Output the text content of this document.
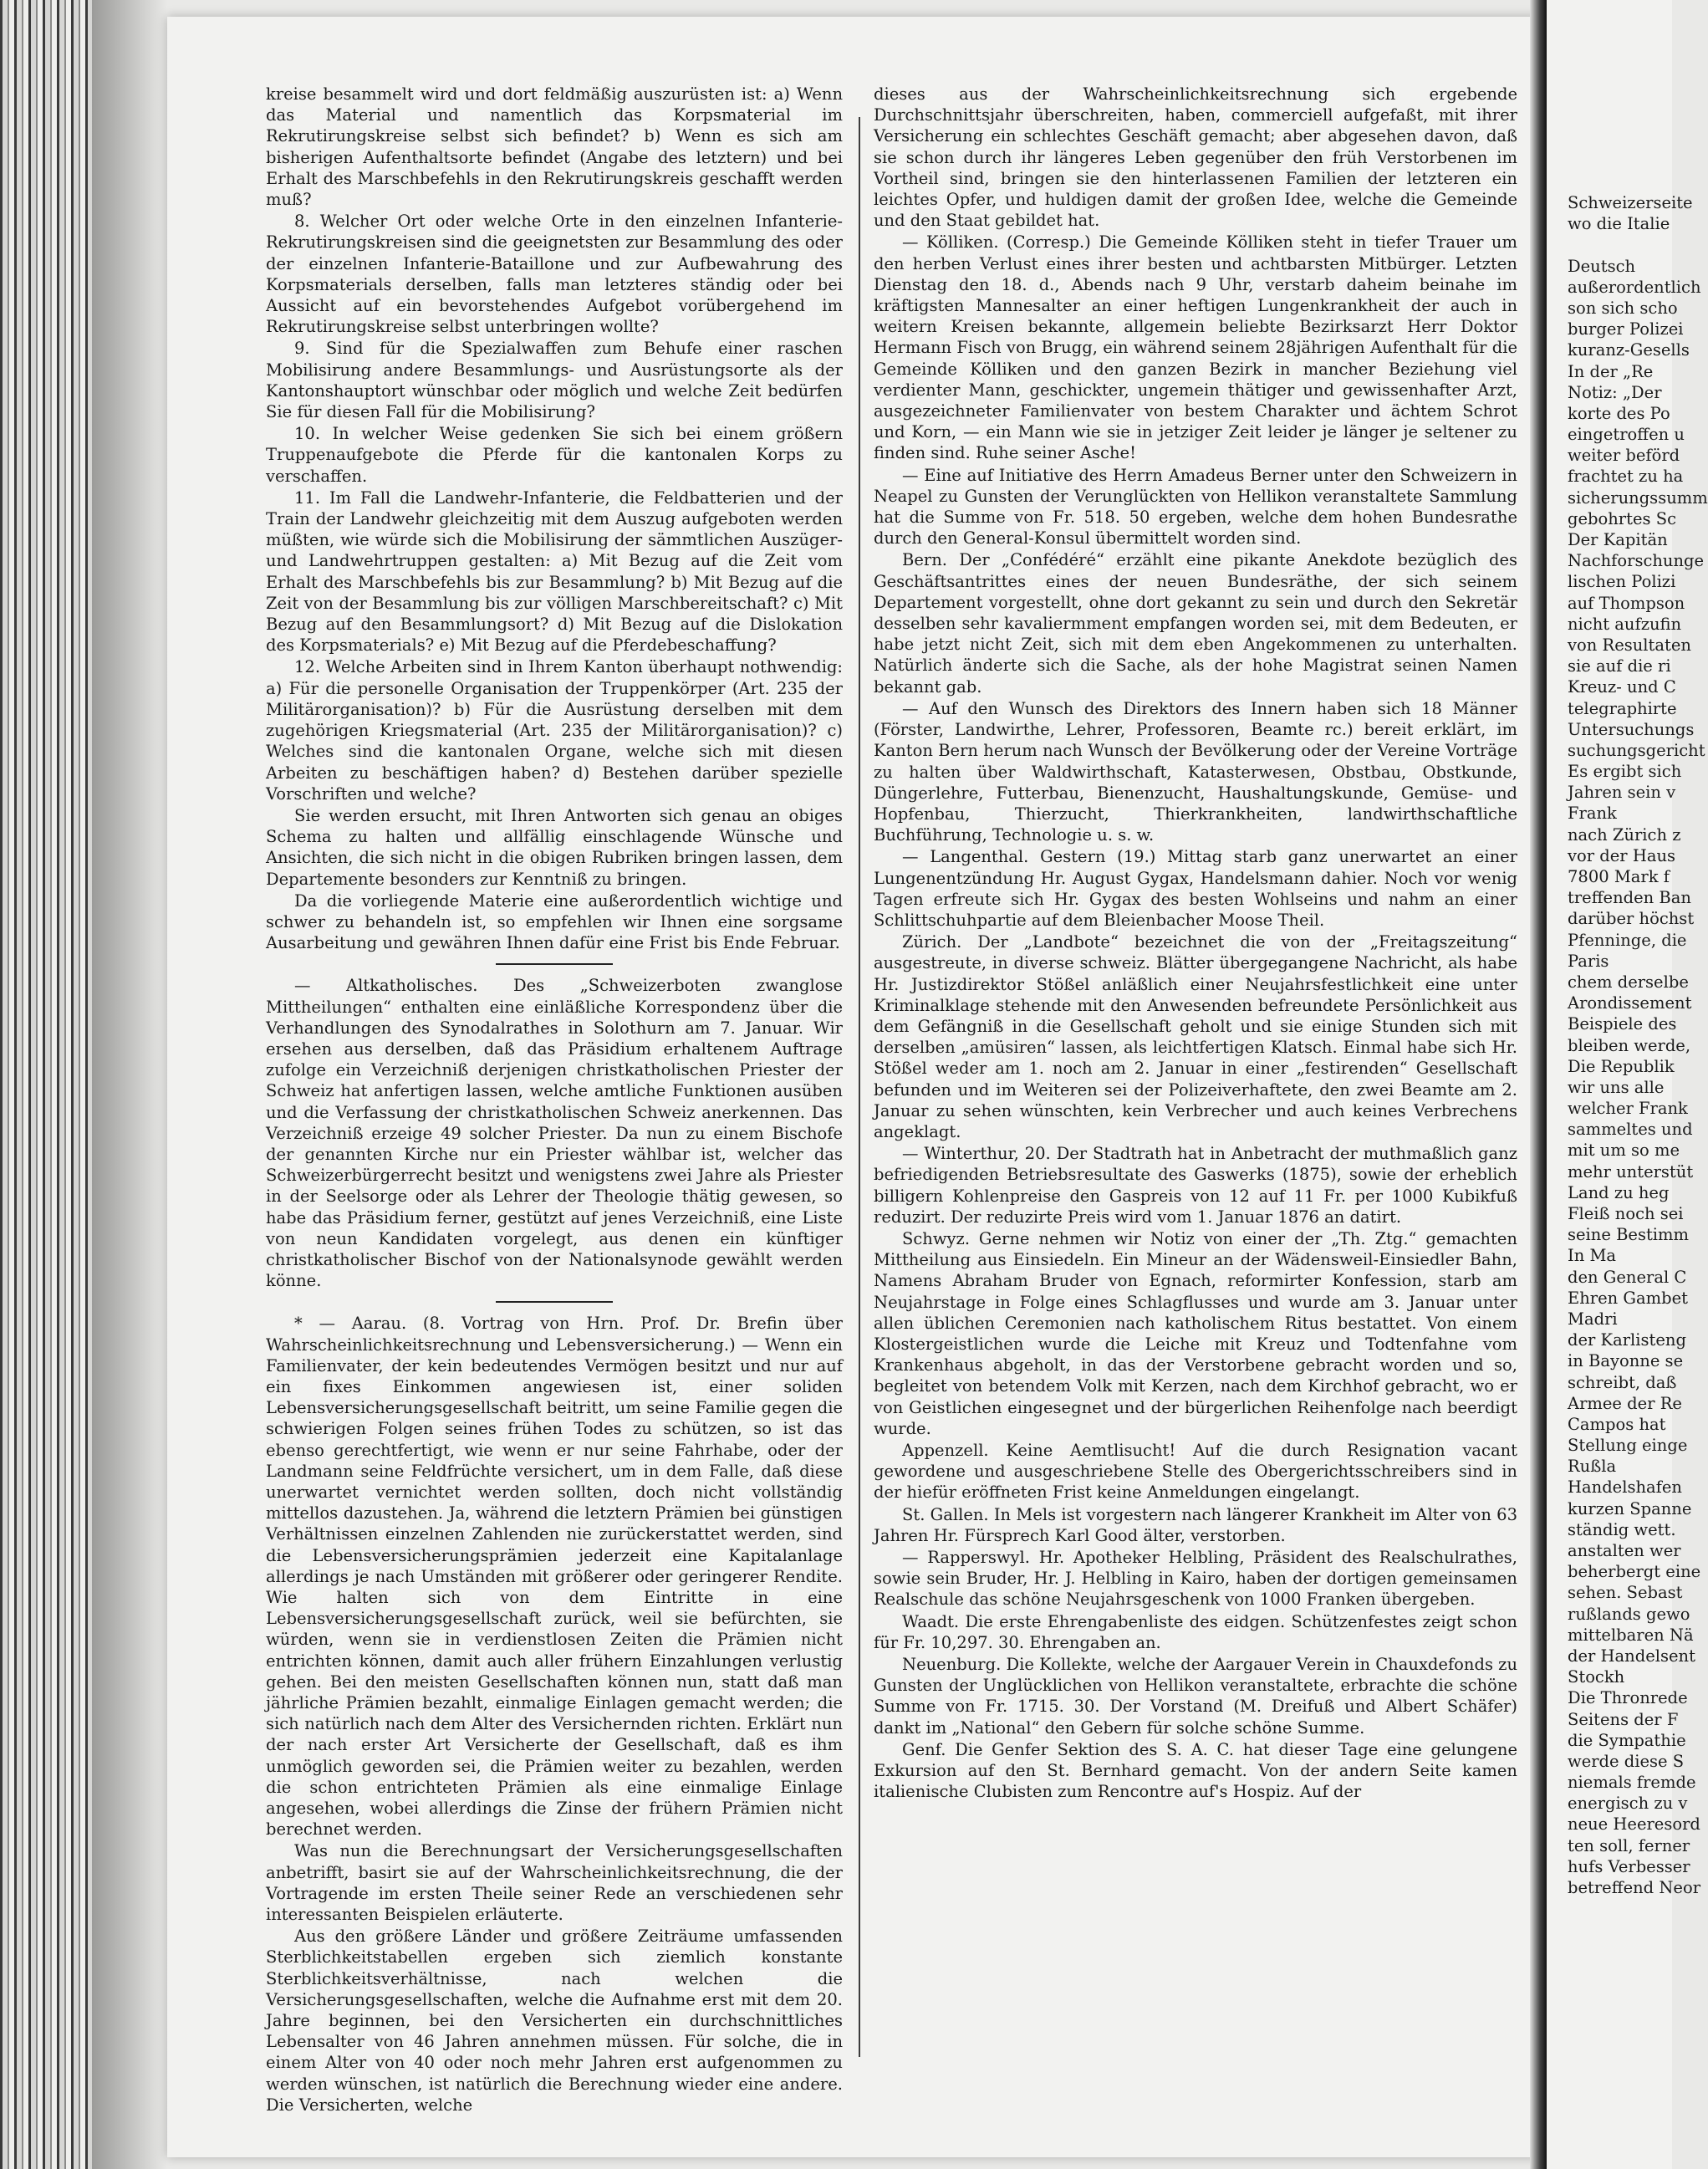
kreise besammelt wird und dort feldmäßig auszurüsten ist: a) Wenn das Material und namentlich das Korpsmaterial im Rekrutirungskreise selbst sich befindet? b) Wenn es sich am bisherigen Aufenthaltsorte befindet (Angabe des letztern) und bei Erhalt des Marschbefehls in den Rekrutirungskreis geschafft werden muß?

8. Welcher Ort oder welche Orte in den einzelnen Infanterie-Rekrutirungskreisen sind die geeignetsten zur Besammlung des oder der einzelnen Infanterie-Bataillone und zur Aufbewahrung des Korpsmaterials derselben, falls man letzteres ständig oder bei Aussicht auf ein bevorstehendes Aufgebot vorübergehend im Rekrutirungskreise selbst unterbringen wollte?

9. Sind für die Spezialwaffen zum Behufe einer raschen Mobilisirung andere Besammlungs- und Ausrüstungsorte als der Kantonshauptort wünschbar oder möglich und welche Zeit bedürfen Sie für diesen Fall für die Mobilisirung?

10. In welcher Weise gedenken Sie sich bei einem größern Truppenaufgebote die Pferde für die kantonalen Korps zu verschaffen.

11. Im Fall die Landwehr-Infanterie, die Feldbatterien und der Train der Landwehr gleichzeitig mit dem Auszug aufgeboten werden müßten, wie würde sich die Mobilisirung der sämmtlichen Auszüger- und Landwehrtruppen gestalten: a) Mit Bezug auf die Zeit vom Erhalt des Marschbefehls bis zur Besammlung? b) Mit Bezug auf die Zeit von der Besammlung bis zur völligen Marschbereitschaft? c) Mit Bezug auf den Besammlungsort? d) Mit Bezug auf die Dislokation des Korpsmaterials? e) Mit Bezug auf die Pferdebeschaffung?

12. Welche Arbeiten sind in Ihrem Kanton überhaupt nothwendig: a) Für die personelle Organisation der Truppenkörper (Art. 235 der Militärorganisation)? b) Für die Ausrüstung derselben mit dem zugehörigen Kriegsmaterial (Art. 235 der Militärorganisation)? c) Welches sind die kantonalen Organe, welche sich mit diesen Arbeiten zu beschäftigen haben? d) Bestehen darüber spezielle Vorschriften und welche?

Sie werden ersucht, mit Ihren Antworten sich genau an obiges Schema zu halten und allfällig einschlagende Wünsche und Ansichten, die sich nicht in die obigen Rubriken bringen lassen, dem Departemente besonders zur Kenntniß zu bringen.

Da die vorliegende Materie eine außerordentlich wichtige und schwer zu behandeln ist, so empfehlen wir Ihnen eine sorgsame Ausarbeitung und gewähren Ihnen dafür eine Frist bis Ende Februar.

— Altkatholisches. Des „Schweizerboten zwanglose Mittheilungen“ enthalten eine einläßliche Korrespondenz über die Verhandlungen des Synodalrathes in Solothurn am 7. Januar. Wir ersehen aus derselben, daß das Präsidium erhaltenem Auftrage zufolge ein Verzeichniß derjenigen christkatholischen Priester der Schweiz hat anfertigen lassen, welche amtliche Funktionen ausüben und die Verfassung der christkatholischen Schweiz anerkennen. Das Verzeichniß erzeige 49 solcher Priester. Da nun zu einem Bischofe der genannten Kirche nur ein Priester wählbar ist, welcher das Schweizerbürgerrecht besitzt und wenigstens zwei Jahre als Priester in der Seelsorge oder als Lehrer der Theologie thätig gewesen, so habe das Präsidium ferner, gestützt auf jenes Verzeichniß, eine Liste von neun Kandidaten vorgelegt, aus denen ein künftiger christkatholischer Bischof von der Nationalsynode gewählt werden könne.

* — Aarau. (8. Vortrag von Hrn. Prof. Dr. Brefin über Wahrscheinlichkeitsrechnung und Lebensversicherung.) — Wenn ein Familienvater, der kein bedeutendes Vermögen besitzt und nur auf ein fixes Einkommen angewiesen ist, einer soliden Lebensversicherungsgesellschaft beitritt, um seine Familie gegen die schwierigen Folgen seines frühen Todes zu schützen, so ist das ebenso gerechtfertigt, wie wenn er nur seine Fahrhabe, oder der Landmann seine Feldfrüchte versichert, um in dem Falle, daß diese unerwartet vernichtet werden sollten, doch nicht vollständig mittellos dazustehen. Ja, während die letztern Prämien bei günstigen Verhältnissen einzelnen Zahlenden nie zurückerstattet werden, sind die Lebensversicherungsprämien jederzeit eine Kapitalanlage allerdings je nach Umständen mit größerer oder geringerer Rendite. Wie halten sich von dem Eintritte in eine Lebensversicherungsgesellschaft zurück, weil sie befürchten, sie würden, wenn sie in verdienstlosen Zeiten die Prämien nicht entrichten können, damit auch aller frühern Einzahlungen verlustig gehen. Bei den meisten Gesellschaften können nun, statt daß man jährliche Prämien bezahlt, einmalige Einlagen gemacht werden; die sich natürlich nach dem Alter des Versichernden richten. Erklärt nun der nach erster Art Versicherte der Gesellschaft, daß es ihm unmöglich geworden sei, die Prämien weiter zu bezahlen, werden die schon entrichteten Prämien als eine einmalige Einlage angesehen, wobei allerdings die Zinse der frühern Prämien nicht berechnet werden.

Was nun die Berechnungsart der Versicherungsgesellschaften anbetrifft, basirt sie auf der Wahrscheinlichkeitsrechnung, die der Vortragende im ersten Theile seiner Rede an verschiedenen sehr interessanten Beispielen erläuterte.

Aus den größere Länder und größere Zeiträume umfassenden Sterblichkeitstabellen ergeben sich ziemlich konstante Sterblichkeitsverhältnisse, nach welchen die Versicherungsgesellschaften, welche die Aufnahme erst mit dem 20. Jahre beginnen, bei den Versicherten ein durchschnittliches Lebensalter von 46 Jahren annehmen müssen. Für solche, die in einem Alter von 40 oder noch mehr Jahren erst aufgenommen zu werden wünschen, ist natürlich die Berechnung wieder eine andere. Die Versicherten, welche

dieses aus der Wahrscheinlichkeitsrechnung sich ergebende Durchschnittsjahr überschreiten, haben, commerciell aufgefaßt, mit ihrer Versicherung ein schlechtes Geschäft gemacht; aber abgesehen davon, daß sie schon durch ihr längeres Leben gegenüber den früh Verstorbenen im Vortheil sind, bringen sie den hinterlassenen Familien der letzteren ein leichtes Opfer, und huldigen damit der großen Idee, welche die Gemeinde und den Staat gebildet hat.

— Kölliken. (Corresp.) Die Gemeinde Kölliken steht in tiefer Trauer um den herben Verlust eines ihrer besten und achtbarsten Mitbürger. Letzten Dienstag den 18. d., Abends nach 9 Uhr, verstarb daheim beinahe im kräftigsten Mannesalter an einer heftigen Lungenkrankheit der auch in weitern Kreisen bekannte, allgemein beliebte Bezirksarzt Herr Doktor Hermann Fisch von Brugg, ein während seinem 28jährigen Aufenthalt für die Gemeinde Kölliken und den ganzen Bezirk in mancher Beziehung viel verdienter Mann, geschickter, ungemein thätiger und gewissenhafter Arzt, ausgezeichneter Familienvater von bestem Charakter und ächtem Schrot und Korn, — ein Mann wie sie in jetziger Zeit leider je länger je seltener zu finden sind. Ruhe seiner Asche!

— Eine auf Initiative des Herrn Amadeus Berner unter den Schweizern in Neapel zu Gunsten der Verunglückten von Hellikon veranstaltete Sammlung hat die Summe von Fr. 518. 50 ergeben, welche dem hohen Bundesrathe durch den General-Konsul übermittelt worden sind.

Bern. Der „Confédéré“ erzählt eine pikante Anekdote bezüglich des Geschäftsantrittes eines der neuen Bundesräthe, der sich seinem Departement vorgestellt, ohne dort gekannt zu sein und durch den Sekretär desselben sehr kavaliermment empfangen worden sei, mit dem Bedeuten, er habe jetzt nicht Zeit, sich mit dem eben Angekommenen zu unterhalten. Natürlich änderte sich die Sache, als der hohe Magistrat seinen Namen bekannt gab.

— Auf den Wunsch des Direktors des Innern haben sich 18 Männer (Förster, Landwirthe, Lehrer, Professoren, Beamte rc.) bereit erklärt, im Kanton Bern herum nach Wunsch der Bevölkerung oder der Vereine Vorträge zu halten über Waldwirthschaft, Katasterwesen, Obstbau, Obstkunde, Düngerlehre, Futterbau, Bienenzucht, Haushaltungskunde, Gemüse- und Hopfenbau, Thierzucht, Thierkrankheiten, landwirthschaftliche Buchführung, Technologie u. s. w.

— Langenthal. Gestern (19.) Mittag starb ganz unerwartet an einer Lungenentzündung Hr. August Gygax, Handelsmann dahier. Noch vor wenig Tagen erfreute sich Hr. Gygax des besten Wohlseins und nahm an einer Schlittschuhpartie auf dem Bleienbacher Moose Theil.

Zürich. Der „Landbote“ bezeichnet die von der „Freitagszeitung“ ausgestreute, in diverse schweiz. Blätter übergegangene Nachricht, als habe Hr. Justizdirektor Stößel anläßlich einer Neujahrsfestlichkeit eine unter Kriminalklage stehende mit den Anwesenden befreundete Persönlichkeit aus dem Gefängniß in die Gesellschaft geholt und sie einige Stunden sich mit derselben „amüsiren“ lassen, als leichtfertigen Klatsch. Einmal habe sich Hr. Stößel weder am 1. noch am 2. Januar in einer „festirenden“ Gesellschaft befunden und im Weiteren sei der Polizeiverhaftete, den zwei Beamte am 2. Januar zu sehen wünschten, kein Verbrecher und auch keines Verbrechens angeklagt.

— Winterthur, 20. Der Stadtrath hat in Anbetracht der muthmaßlich ganz befriedigenden Betriebsresultate des Gaswerks (1875), sowie der erheblich billigern Kohlenpreise den Gaspreis von 12 auf 11 Fr. per 1000 Kubikfuß reduzirt. Der reduzirte Preis wird vom 1. Januar 1876 an datirt.

Schwyz. Gerne nehmen wir Notiz von einer der „Th. Ztg.“ gemachten Mittheilung aus Einsiedeln. Ein Mineur an der Wädensweil-Einsiedler Bahn, Namens Abraham Bruder von Egnach, reformirter Konfession, starb am Neujahrstage in Folge eines Schlagflusses und wurde am 3. Januar unter allen üblichen Ceremonien nach katholischem Ritus bestattet. Von einem Klostergeistlichen wurde die Leiche mit Kreuz und Todtenfahne vom Krankenhaus abgeholt, in das der Verstorbene gebracht worden und so, begleitet von betendem Volk mit Kerzen, nach dem Kirchhof gebracht, wo er von Geistlichen eingesegnet und der bürgerlichen Reihenfolge nach beerdigt wurde.

Appenzell. Keine Aemtlisucht! Auf die durch Resignation vacant gewordene und ausgeschriebene Stelle des Obergerichtsschreibers sind in der hiefür eröffneten Frist keine Anmeldungen eingelangt.

St. Gallen. In Mels ist vorgestern nach längerer Krankheit im Alter von 63 Jahren Hr. Fürsprech Karl Good älter, verstorben.

— Rapperswyl. Hr. Apotheker Helbling, Präsident des Realschulrathes, sowie sein Bruder, Hr. J. Helbling in Kairo, haben der dortigen gemeinsamen Realschule das schöne Neujahrsgeschenk von 1000 Franken übergeben.

Waadt. Die erste Ehrengabenliste des eidgen. Schützenfestes zeigt schon für Fr. 10,297. 30. Ehrengaben an.

Neuenburg. Die Kollekte, welche der Aargauer Verein in Chauxdefonds zu Gunsten der Unglücklichen von Hellikon veranstaltete, erbrachte die schöne Summe von Fr. 1715. 30. Der Vorstand (M. Dreifuß und Albert Schäfer) dankt im „National“ den Gebern für solche schöne Summe.

Genf. Die Genfer Sektion des S. A. C. hat dieser Tage eine gelungene Exkursion auf den St. Bernhard gemacht. Von der andern Seite kamen italienische Clubisten zum Rencontre auf's Hospiz. Auf der

Schweizerseite
wo die Italie
Deutsch
außerordentlich
son sich scho
burger Polizei
kuranz-Gesells
In der „Re
Notiz: „Der
korte des Po
eingetroffen u
weiter beförd
frachtet zu ha
sicherungssumm
gebohrtes Sc
Der Kapitän
Nachforschunge
lischen Polizi
auf Thompson
nicht aufzufin
von Resultaten
sie auf die ri
Kreuz- und C
telegraphirte
Untersuchungs
suchungsgericht
Es ergibt sich
Jahren sein v
Frank
nach Zürich z
vor der Haus
7800 Mark f
treffenden Ban
darüber höchst
Pfenninge, die
Paris
chem derselbe
Arondissement
Beispiele des
bleiben werde,
Die Republik
wir uns alle
welcher Frank
sammeltes und
mit um so me
mehr unterstüt
Land zu heg
Fleiß noch sei
seine Bestimm
In Ma
den General C
Ehren Gambet
Madri
der Karlisteng
in Bayonne se
schreibt, daß
Armee der Re
Campos hat
Stellung einge
Rußla
Handelshafen
kurzen Spanne
ständig wett.
anstalten wer
beherbergt eine
sehen. Sebast
rußlands gewo
mittelbaren Nä
der Handelsent
Stockh
Die Thronrede
Seitens der F
die Sympathie
werde diese S
niemals fremde
energisch zu v
neue Heeresord
ten soll, ferner
hufs Verbesser
betreffend Neor
